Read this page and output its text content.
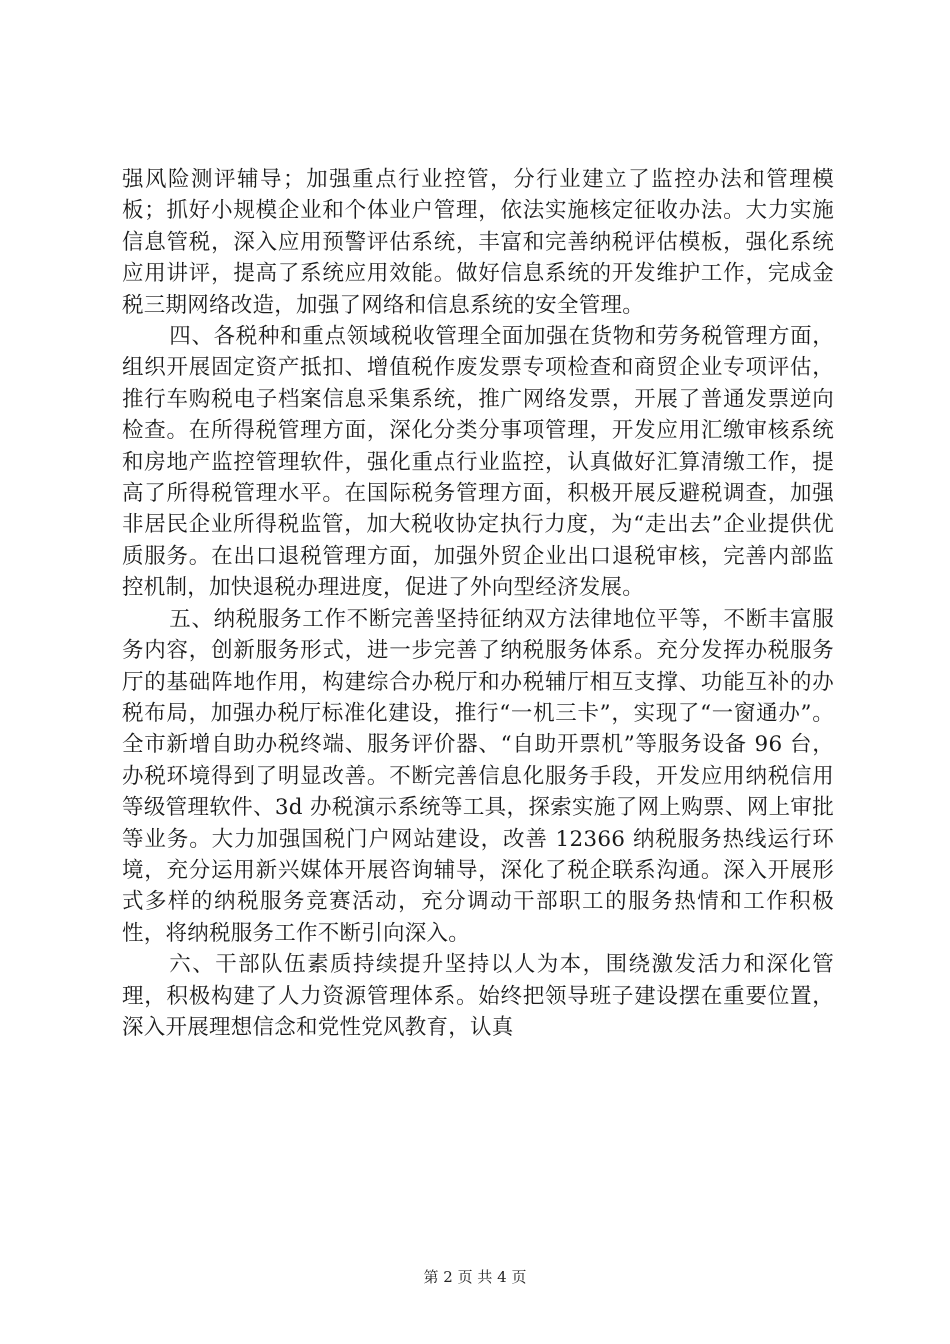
强风险测评辅导；加强重点行业控管，分行业建立了监控办法和管理模板；抓好小规模企业和个体业户管理，依法实施核定征收办法。大力实施信息管税，深入应用预警评估系统，丰富和完善纳税评估模板，强化系统应用讲评，提高了系统应用效能。做好信息系统的开发维护工作，完成金税三期网络改造，加强了网络和信息系统的安全管理。

四、各税种和重点领域税收管理全面加强在货物和劳务税管理方面，组织开展固定资产抵扣、增值税作废发票专项检查和商贸企业专项评估，推行车购税电子档案信息采集系统，推广网络发票，开展了普通发票逆向检查。在所得税管理方面，深化分类分事项管理，开发应用汇缴审核系统和房地产监控管理软件，强化重点行业监控，认真做好汇算清缴工作，提高了所得税管理水平。在国际税务管理方面，积极开展反避税调查，加强非居民企业所得税监管，加大税收协定执行力度，为“走出去”企业提供优质服务。在出口退税管理方面，加强外贸企业出口退税审核，完善内部监控机制，加快退税办理进度，促进了外向型经济发展。

五、纳税服务工作不断完善坚持征纳双方法律地位平等，不断丰富服务内容，创新服务形式，进一步完善了纳税服务体系。充分发挥办税服务厅的基础阵地作用，构建综合办税厅和办税辅厅相互支撑、功能互补的办税布局，加强办税厅标准化建设，推行“一机三卡”，实现了“一窗通办”。全市新增自助办税终端、服务评价器、“自助开票机”等服务设备 96 台，办税环境得到了明显改善。不断完善信息化服务手段，开发应用纳税信用等级管理软件、3d 办税演示系统等工具，探索实施了网上购票、网上审批等业务。大力加强国税门户网站建设，改善 12366 纳税服务热线运行环境，充分运用新兴媒体开展咨询辅导，深化了税企联系沟通。深入开展形式多样的纳税服务竞赛活动，充分调动干部职工的服务热情和工作积极性，将纳税服务工作不断引向深入。

六、干部队伍素质持续提升坚持以人为本，围绕激发活力和深化管理，积极构建了人力资源管理体系。始终把领导班子建设摆在重要位置，深入开展理想信念和党性党风教育，认真

第 2 页 共 4 页
